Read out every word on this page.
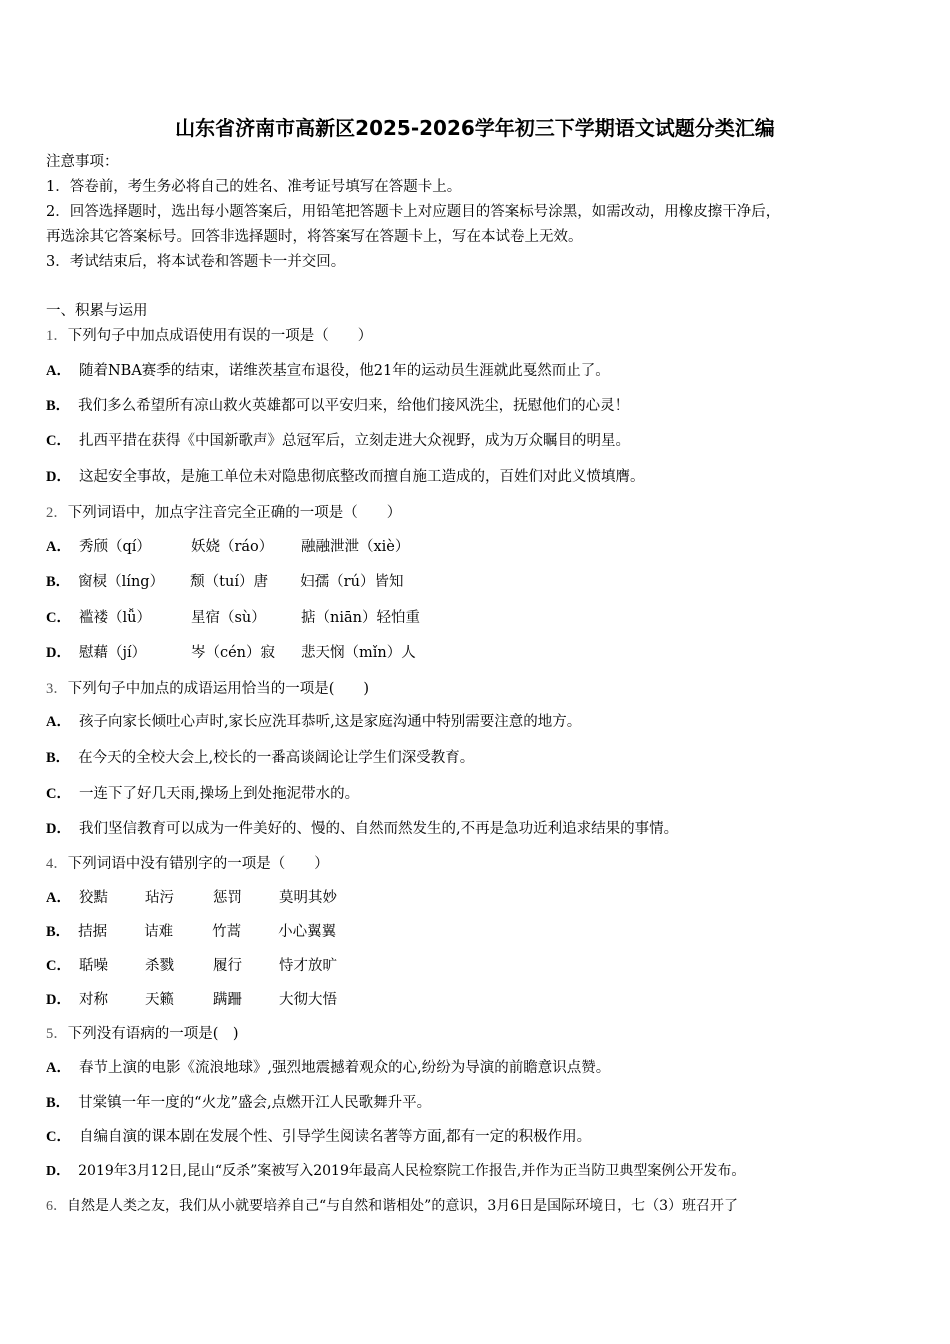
山东省济南市高新区2025-2026学年初三下学期语文试题分类汇编
注意事项：
1．答卷前，考生务必将自己的姓名、准考证号填写在答题卡上。
2．回答选择题时，选出每小题答案后，用铅笔把答题卡上对应题目的答案标号涂黑，如需改动，用橡皮擦干净后，
再选涂其它答案标号。回答非选择题时，将答案写在答题卡上，写在本试卷上无效。
3．考试结束后，将本试卷和答题卡一并交回。
一、积累与运用
1．下列句子中加点成语使用有误的一项是（　　）
A． 随着NBA赛季的结束，诺维茨基宣布退役，他21年的运动员生涯就此戛然而止了。
B． 我们多么希望所有凉山救火英雄都可以平安归来，给他们接风洗尘，抚慰他们的心灵！
C． 扎西平措在获得《中国新歌声》总冠军后，立刻走进大众视野，成为万众瞩目的明星。
D． 这起安全事故，是施工单位未对隐患彻底整改而擅自施工造成的，百姓们对此义愤填膺。
2．下列词语中，加点字注音完全正确的一项是（　　）
A． 秀颀（qí）	妖娆（ráo） 融融泄泄（xiè）
B． 窗棂（líng） 颓（tuí）唐 妇孺（rú）皆知
C． 褴褛（lǚ）	星宿（sù） 掂（niān）轻怕重
D． 慰藉（jí）	岑（cén）寂 悲天悯（mǐn）人
3．下列句子中加点的成语运用恰当的一项是(　　)
A． 孩子向家长倾吐心声时,家长应洗耳恭听,这是家庭沟通中特别需要注意的地方。
B． 在今天的全校大会上,校长的一番高谈阔论让学生们深受教育。
C． 一连下了好几天雨,操场上到处拖泥带水的。
D． 我们坚信教育可以成为一件美好的、慢的、自然而然发生的,不再是急功近利追求结果的事情。
4．下列词语中没有错别字的一项是（　　）
A． 狡黠	玷污	惩罚	莫明其妙
B． 拮据	诘难	竹蒿	小心翼翼
C． 聒噪	杀戮	履行	恃才放旷
D． 对称	天籁	蹒跚	大彻大悟
5．下列没有语病的一项是(　)
A． 春节上演的电影《流浪地球》,强烈地震撼着观众的心,纷纷为导演的前瞻意识点赞。
B． 甘棠镇一年一度的“火龙”盛会,点燃开江人民歌舞升平。
C． 自编自演的课本剧在发展个性、引导学生阅读名著等方面,都有一定的积极作用。
D． 2019年3月12日,昆山“反杀”案被写入2019年最高人民检察院工作报告,并作为正当防卫典型案例公开发布。
6．自然是人类之友，我们从小就要培养自己“与自然和谐相处”的意识，3月6日是国际环境日，七（3）班召开了
